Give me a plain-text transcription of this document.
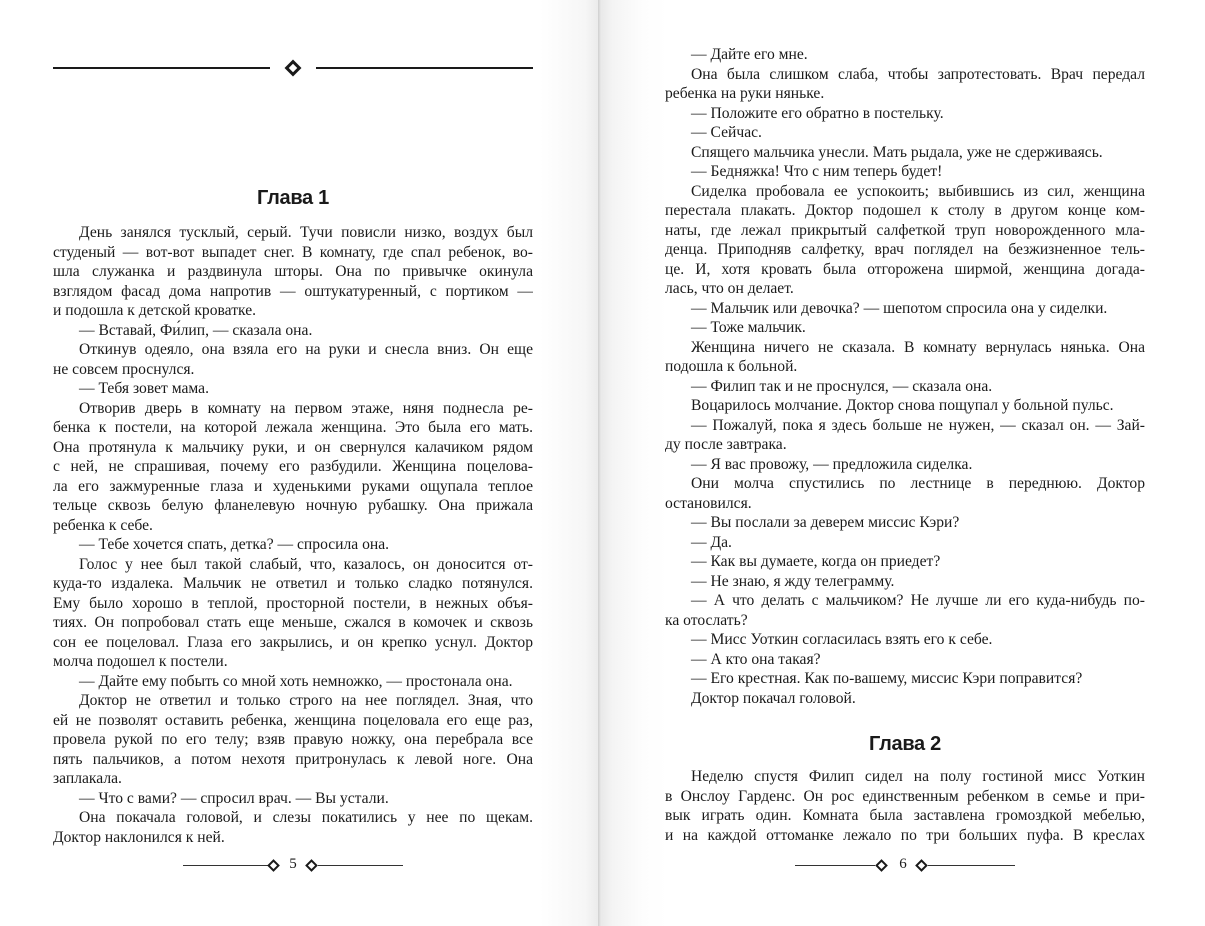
Глава 1
День занялся тусклый, серый. Тучи повисли низко, воздух был
студеный — вот-вот выпадет снег. В комнату, где спал ребенок, во-
шла служанка и раздвинула шторы. Она по привычке окинула
взглядом фасад дома напротив — оштукатуренный, с портиком —
и подошла к детской кроватке.
— Вставай, Фи́лип, — сказала она.
Откинув одеяло, она взяла его на руки и снесла вниз. Он еще
не совсем проснулся.
— Тебя зовет мама.
Отворив дверь в комнату на первом этаже, няня поднесла ре-
бенка к постели, на которой лежала женщина. Это была его мать.
Она протянула к мальчику руки, и он свернулся калачиком рядом
с ней, не спрашивая, почему его разбудили. Женщина поцелова-
ла его зажмуренные глаза и худенькими руками ощупала теплое
тельце сквозь белую фланелевую ночную рубашку. Она прижала
ребенка к себе.
— Тебе хочется спать, детка? — спросила она.
Голос у нее был такой слабый, что, казалось, он доносится от-
куда-то издалека. Мальчик не ответил и только сладко потянулся.
Ему было хорошо в теплой, просторной постели, в нежных объя-
тиях. Он попробовал стать еще меньше, сжался в комочек и сквозь
сон ее поцеловал. Глаза его закрылись, и он крепко уснул. Доктор
молча подошел к постели.
— Дайте ему побыть со мной хоть немножко, — простонала она.
Доктор не ответил и только строго на нее поглядел. Зная, что
ей не позволят оставить ребенка, женщина поцеловала его еще раз,
провела рукой по его телу; взяв правую ножку, она перебрала все
пять пальчиков, а потом нехотя притронулась к левой ноге. Она
заплакала.
— Что с вами? — спросил врач. — Вы устали.
Она покачала головой, и слезы покатились у нее по щекам.
Доктор наклонился к ней.
5
— Дайте его мне.
Она была слишком слаба, чтобы запротестовать. Врач передал
ребенка на руки няньке.
— Положите его обратно в постельку.
— Сейчас.
Спящего мальчика унесли. Мать рыдала, уже не сдерживаясь.
— Бедняжка! Что с ним теперь будет!
Сиделка пробовала ее успокоить; выбившись из сил, женщина
перестала плакать. Доктор подошел к столу в другом конце ком-
наты, где лежал прикрытый салфеткой труп новорожденного мла-
денца. Приподняв салфетку, врач поглядел на безжизненное тель-
це. И, хотя кровать была отгорожена ширмой, женщина догада-
лась, что он делает.
— Мальчик или девочка? — шепотом спросила она у сиделки.
— Тоже мальчик.
Женщина ничего не сказала. В комнату вернулась нянька. Она
подошла к больной.
— Филип так и не проснулся, — сказала она.
Воцарилось молчание. Доктор снова пощупал у больной пульс.
— Пожалуй, пока я здесь больше не нужен, — сказал он. — Зай-
ду после завтрака.
— Я вас провожу, — предложила сиделка.
Они молча спустились по лестнице в переднюю. Доктор
остановился.
— Вы послали за деверем миссис Кэри?
— Да.
— Как вы думаете, когда он приедет?
— Не знаю, я жду телеграмму.
— А что делать с мальчиком? Не лучше ли его куда-нибудь по-
ка отослать?
— Мисс Уоткин согласилась взять его к себе.
— А кто она такая?
— Его крестная. Как по-вашему, миссис Кэри поправится?
Доктор покачал головой.
Глава 2
Неделю спустя Филип сидел на полу гостиной мисс Уоткин
в Онслоу Гарденс. Он рос единственным ребенком в семье и при-
вык играть один. Комната была заставлена громоздкой мебелью,
и на каждой оттоманке лежало по три больших пуфа. В креслах
6
